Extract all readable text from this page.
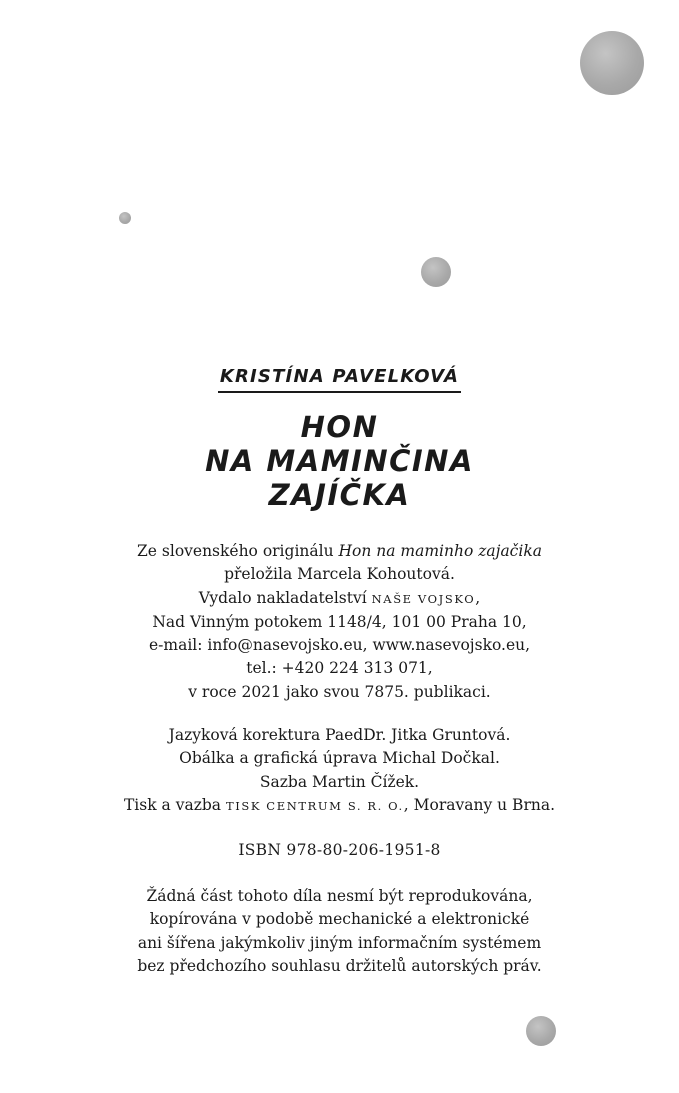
KRISTÍNA PAVELKOVÁ
HON
NA MAMINČINA
ZAJÍČKA
Ze slovenského originálu Hon na maminho zajačika
přeložila Marcela Kohoutová.
Vydalo nakladatelství NAŠE VOJSKO,
Nad Vinným potokem 1148/4, 101 00 Praha 10,
e-mail: info@nasevojsko.eu, www.nasevojsko.eu,
tel.: +420 224 313 071,
v roce 2021 jako svou 7875. publikaci.
Jazyková korektura PaedDr. Jitka Gruntová.
Obálka a grafická úprava Michal Dočkal.
Sazba Martin Čížek.
Tisk a vazba TISK CENTRUM S. R. O., Moravany u Brna.
ISBN 978-80-206-1951-8
Žádná část tohoto díla nesmí být reprodukována,
kopírována v podobě mechanické a elektronické
ani šířena jakýmkoliv jiným informačním systémem
bez předchozího souhlasu držitelů autorských práv.
